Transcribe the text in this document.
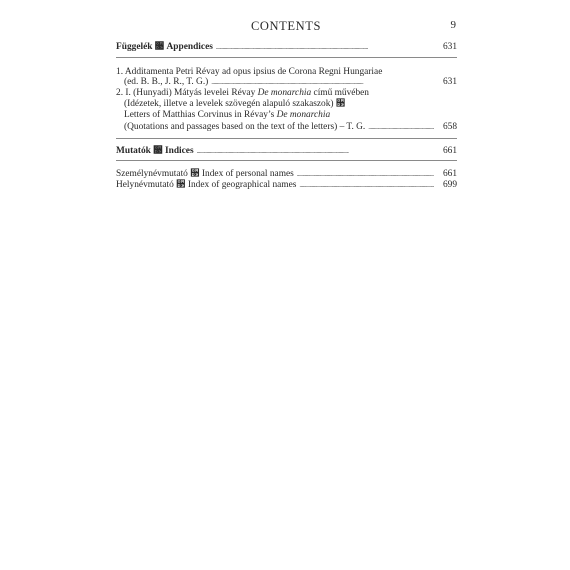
CONTENTS	9
Függelék ૓ Appendices . . .	631
1. Additamenta Petri Révay ad opus ipsius de Corona Regni Hungariae
(ed. B. B., J. R., T. G.) . . .	631
2. I. (Hunyadi) Mátyás levelei Révay De monarchia című művében
(Idézetek, illetve a levelek szövegén alapuló szakaszok) ૓
Letters of Matthias Corvinus in Révay’s De monarchia
(Quotations and passages based on the text of the letters) – T. G. . . .	658
Mutatók ૓ Indices . . .	661
Személynévmutató ૓ Index of personal names . . .	661
Helynévmutató ૓ Index of geographical names . . .	699
